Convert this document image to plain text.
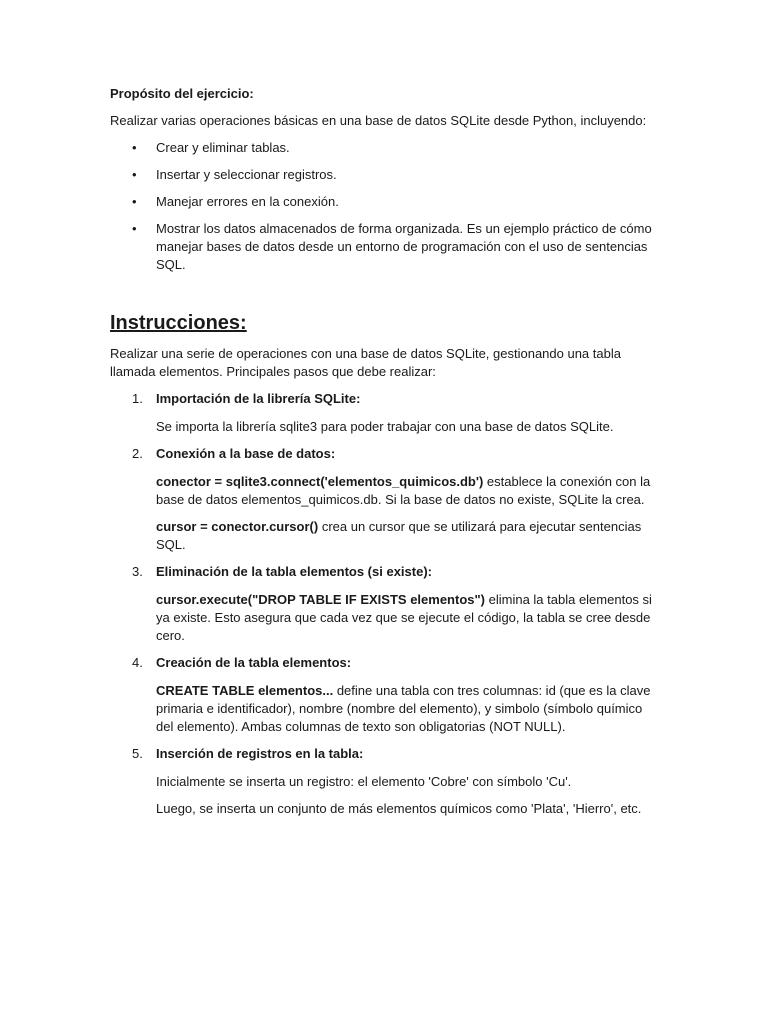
Propósito del ejercicio:

Realizar varias operaciones básicas en una base de datos SQLite desde Python, incluyendo:

• Crear y eliminar tablas.
• Insertar y seleccionar registros.
• Manejar errores en la conexión.
• Mostrar los datos almacenados de forma organizada. Es un ejemplo práctico de cómo manejar bases de datos desde un entorno de programación con el uso de sentencias SQL.
Instrucciones:

Realizar una serie de operaciones con una base de datos SQLite, gestionando una tabla llamada elementos. Principales pasos que debe realizar:

1. Importación de la librería SQLite:

Se importa la librería sqlite3 para poder trabajar con una base de datos SQLite.

2. Conexión a la base de datos:

conector = sqlite3.connect('elementos_quimicos.db') establece la conexión con la base de datos elementos_quimicos.db. Si la base de datos no existe, SQLite la crea.

cursor = conector.cursor() crea un cursor que se utilizará para ejecutar sentencias SQL.

3. Eliminación de la tabla elementos (si existe):

cursor.execute("DROP TABLE IF EXISTS elementos") elimina la tabla elementos si ya existe. Esto asegura que cada vez que se ejecute el código, la tabla se cree desde cero.

4. Creación de la tabla elementos:

CREATE TABLE elementos... define una tabla con tres columnas: id (que es la clave primaria e identificador), nombre (nombre del elemento), y simbolo (símbolo químico del elemento). Ambas columnas de texto son obligatorias (NOT NULL).

5. Inserción de registros en la tabla:

Inicialmente se inserta un registro: el elemento 'Cobre' con símbolo 'Cu'.

Luego, se inserta un conjunto de más elementos químicos como 'Plata', 'Hierro', etc.
